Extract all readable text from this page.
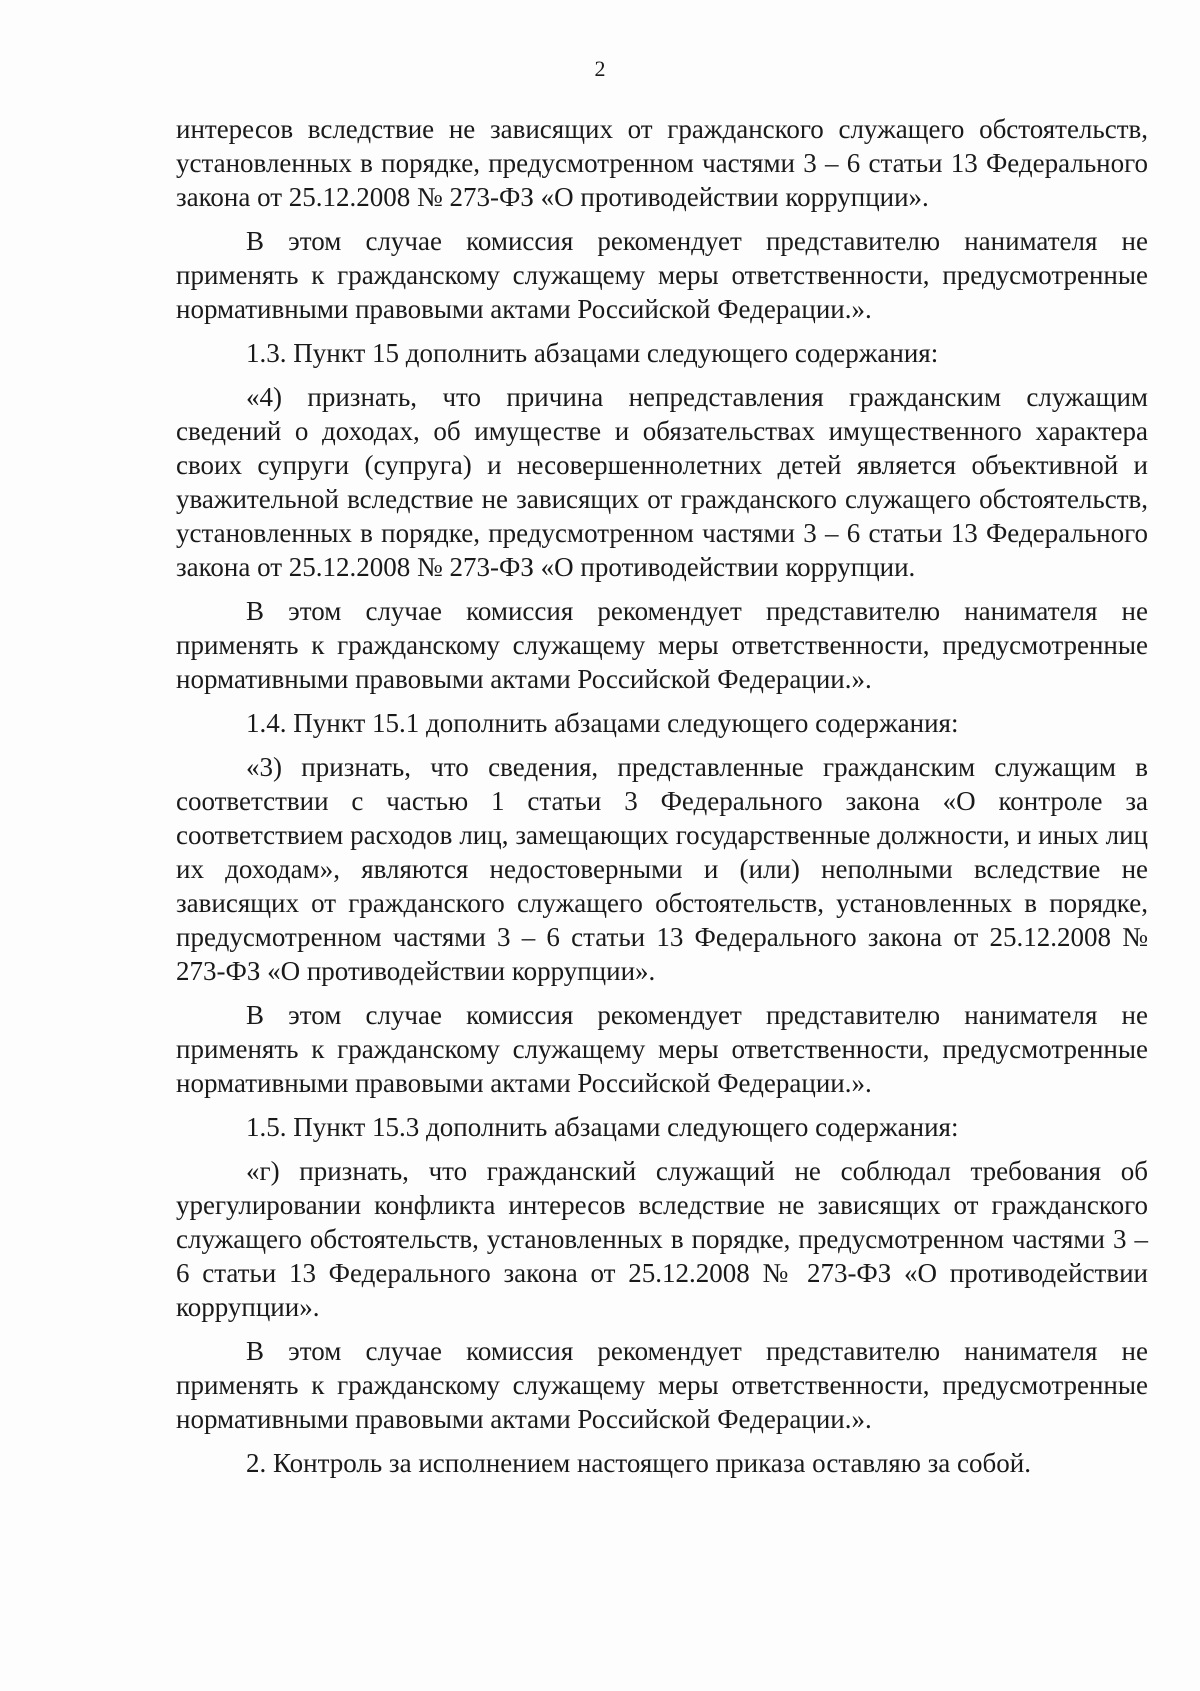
2

интересов вследствие не зависящих от гражданского служащего обстоятельств, установленных в порядке, предусмотренном частями 3 – 6 статьи 13 Федерального закона от 25.12.2008 № 273-ФЗ «О противодействии коррупции».

В этом случае комиссия рекомендует представителю нанимателя не применять к гражданскому служащему меры ответственности, предусмотренные нормативными правовыми актами Российской Федерации.».

1.3. Пункт 15 дополнить абзацами следующего содержания:

«4) признать, что причина непредставления гражданским служащим сведений о доходах, об имуществе и обязательствах имущественного характера своих супруги (супруга) и несовершеннолетних детей является объективной и уважительной вследствие не зависящих от гражданского служащего обстоятельств, установленных в порядке, предусмотренном частями 3 – 6 статьи 13 Федерального закона от 25.12.2008 № 273-ФЗ «О противодействии коррупции.

В этом случае комиссия рекомендует представителю нанимателя не применять к гражданскому служащему меры ответственности, предусмотренные нормативными правовыми актами Российской Федерации.».

1.4. Пункт 15.1 дополнить абзацами следующего содержания:

«3) признать, что сведения, представленные гражданским служащим в соответствии с частью 1 статьи 3 Федерального закона «О контроле за соответствием расходов лиц, замещающих государственные должности, и иных лиц их доходам», являются недостоверными и (или) неполными вследствие не зависящих от гражданского служащего обстоятельств, установленных в порядке, предусмотренном частями 3 – 6 статьи 13 Федерального закона от 25.12.2008 № 273-ФЗ «О противодействии коррупции».

В этом случае комиссия рекомендует представителю нанимателя не применять к гражданскому служащему меры ответственности, предусмотренные нормативными правовыми актами Российской Федерации.».

1.5. Пункт 15.3 дополнить абзацами следующего содержания:

«г) признать, что гражданский служащий не соблюдал требования об урегулировании конфликта интересов вследствие не зависящих от гражданского служащего обстоятельств, установленных в порядке, предусмотренном частями 3 – 6 статьи 13 Федерального закона от 25.12.2008 № 273-ФЗ «О противодействии коррупции».

В этом случае комиссия рекомендует представителю нанимателя не применять к гражданскому служащему меры ответственности, предусмотренные нормативными правовыми актами Российской Федерации.».

2. Контроль за исполнением настоящего приказа оставляю за собой.
